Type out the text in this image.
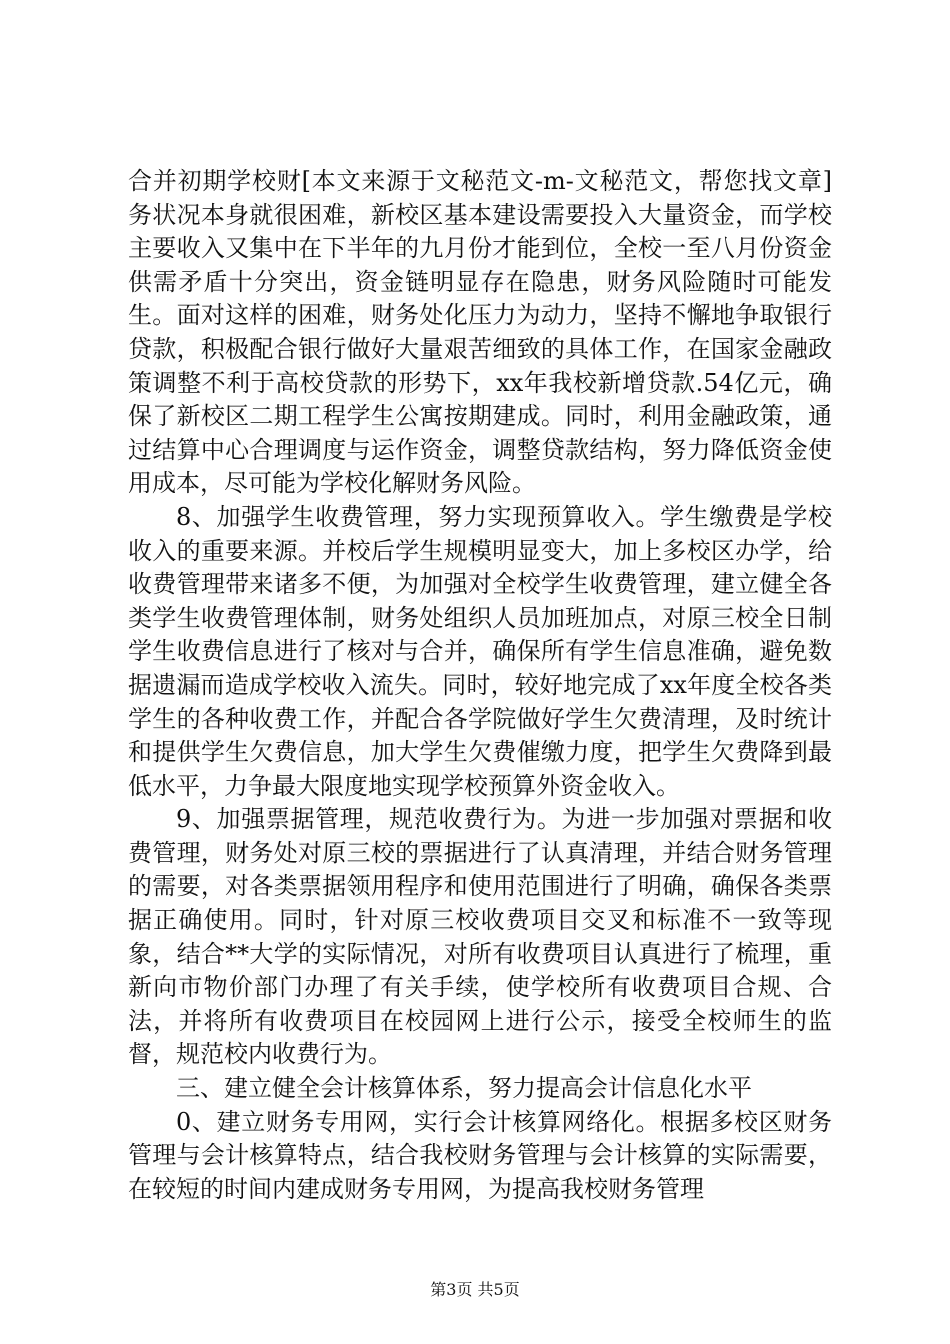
合并初期学校财[本文来源于文秘范文-m-文秘范文，帮您找文章]务状况本身就很困难，新校区基本建设需要投入大量资金，而学校主要收入又集中在下半年的九月份才能到位，全校一至八月份资金供需矛盾十分突出，资金链明显存在隐患，财务风险随时可能发生。面对这样的困难，财务处化压力为动力，坚持不懈地争取银行贷款，积极配合银行做好大量艰苦细致的具体工作，在国家金融政策调整不利于高校贷款的形势下，xx年我校新增贷款.54亿元，确保了新校区二期工程学生公寓按期建成。同时，利用金融政策，通过结算中心合理调度与运作资金，调整贷款结构，努力降低资金使用成本，尽可能为学校化解财务风险。

8、加强学生收费管理，努力实现预算收入。学生缴费是学校收入的重要来源。并校后学生规模明显变大，加上多校区办学，给收费管理带来诸多不便，为加强对全校学生收费管理，建立健全各类学生收费管理体制，财务处组织人员加班加点，对原三校全日制学生收费信息进行了核对与合并，确保所有学生信息准确，避免数据遗漏而造成学校收入流失。同时，较好地完成了xx年度全校各类学生的各种收费工作，并配合各学院做好学生欠费清理，及时统计和提供学生欠费信息，加大学生欠费催缴力度，把学生欠费降到最低水平，力争最大限度地实现学校预算外资金收入。

9、加强票据管理，规范收费行为。为进一步加强对票据和收费管理，财务处对原三校的票据进行了认真清理，并结合财务管理的需要，对各类票据领用程序和使用范围进行了明确，确保各类票据正确使用。同时，针对原三校收费项目交叉和标准不一致等现象，结合**大学的实际情况，对所有收费项目认真进行了梳理，重新向市物价部门办理了有关手续，使学校所有收费项目合规、合法，并将所有收费项目在校园网上进行公示，接受全校师生的监督，规范校内收费行为。

三、建立健全会计核算体系，努力提高会计信息化水平

0、建立财务专用网，实行会计核算网络化。根据多校区财务管理与会计核算特点，结合我校财务管理与会计核算的实际需要，在较短的时间内建成财务专用网，为提高我校财务管理

第3页 共5页
